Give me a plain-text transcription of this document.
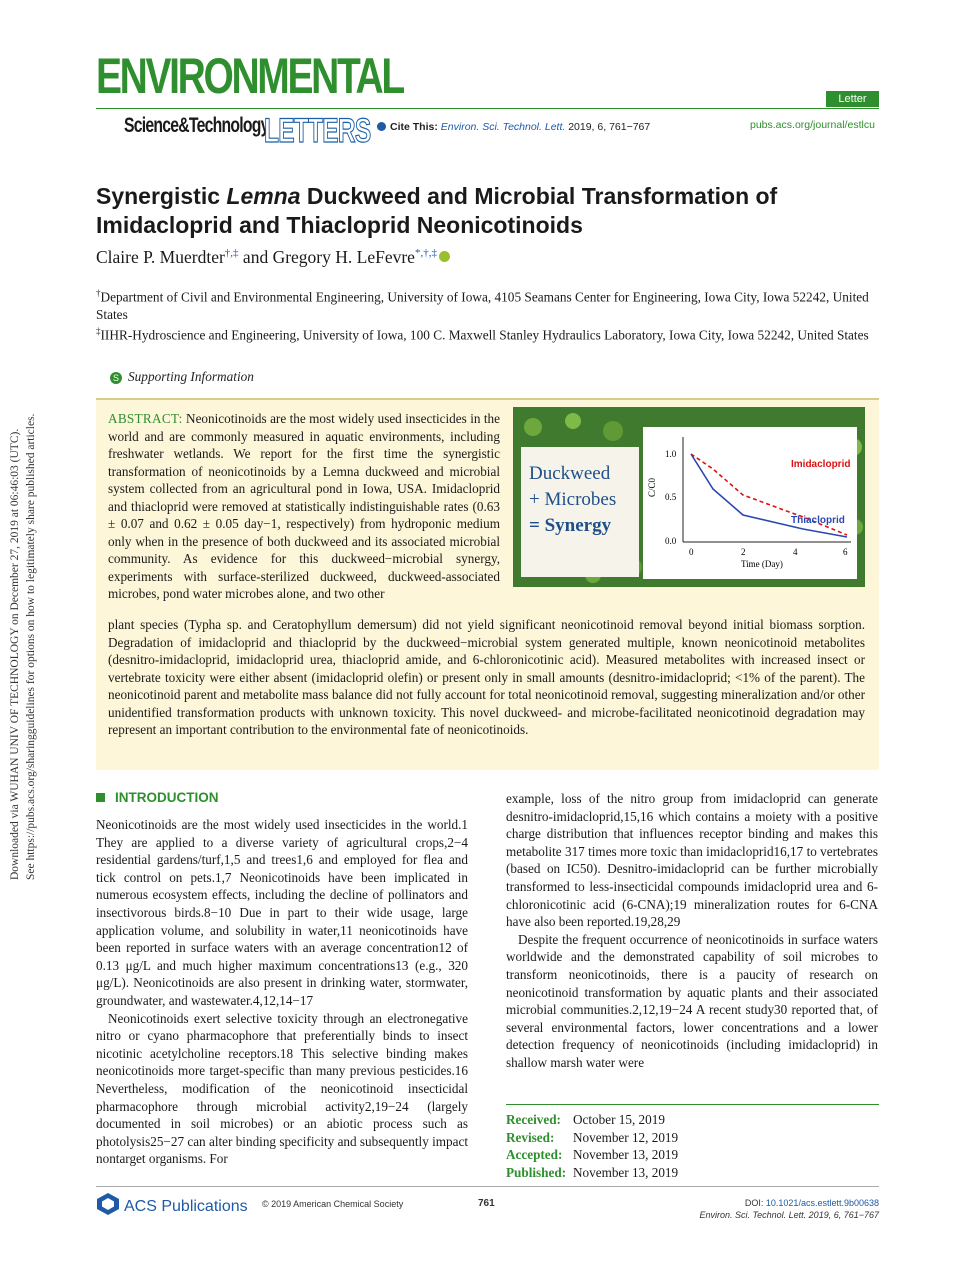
ENVIRONMENTAL
Science&Technology
LETTERS
Letter
Cite This: Environ. Sci. Technol. Lett. 2019, 6, 761−767	pubs.acs.org/journal/estlcu
Synergistic Lemna Duckweed and Microbial Transformation of Imidacloprid and Thiacloprid Neonicotinoids
Claire P. Muerdter†,‡ and Gregory H. LeFevre*,†,‡
†Department of Civil and Environmental Engineering, University of Iowa, 4105 Seamans Center for Engineering, Iowa City, Iowa 52242, United States
‡IIHR-Hydroscience and Engineering, University of Iowa, 100 C. Maxwell Stanley Hydraulics Laboratory, Iowa City, Iowa 52242, United States
S Supporting Information
ABSTRACT: Neonicotinoids are the most widely used insecticides in the world and are commonly measured in aquatic environments, including freshwater wetlands. We report for the first time the synergistic transformation of neonicotinoids by a Lemna duckweed and microbial system collected from an agricultural pond in Iowa, USA. Imidacloprid and thiacloprid were removed at statistically indistinguishable rates (0.63 ± 0.07 and 0.62 ± 0.05 day−1, respectively) from hydroponic medium only when in the presence of both duckweed and its associated microbial community. As evidence for this duckweed−microbial synergy, experiments with surface-sterilized duckweed, duckweed-associated microbes, pond water microbes alone, and two other
plant species (Typha sp. and Ceratophyllum demersum) did not yield significant neonicotinoid removal beyond initial biomass sorption. Degradation of imidacloprid and thiacloprid by the duckweed−microbial system generated multiple, known neonicotinoid metabolites (desnitro-imidacloprid, imidacloprid urea, thiacloprid amide, and 6-chloronicotinic acid). Measured metabolites with increased insect or vertebrate toxicity were either absent (imidacloprid olefin) or present only in small amounts (desnitro-imidacloprid; <1% of the parent). The neonicotinoid parent and metabolite mass balance did not fully account for total neonicotinoid removal, suggesting mineralization and/or other unidentified transformation products with unknown toxicity. This novel duckweed- and microbe-facilitated neonicotinoid degradation may represent an important contribution to the environmental fate of neonicotinoids.
Duckweed
+ Microbes
= Synergy
1.0
0.5
0.0
C/C0
0	2	4	6
Time (Day)
Imidacloprid
Thiacloprid
Downloaded via WUHAN UNIV OF TECHNOLOGY on December 27, 2019 at 06:46:03 (UTC). See https://pubs.acs.org/sharingguidelines for options on how to legitimately share published articles.	INTRODUCTION

Neonicotinoids are the most widely used insecticides in the world.1 They are applied to a diverse variety of agricultural crops,2−4 residential gardens/turf,1,5 and trees1,6 and employed for flea and tick control on pets.1,7 Neonicotinoids have been implicated in numerous ecosystem effects, including the decline of pollinators and insectivorous birds.8−10 Due in part to their wide usage, large application volume, and solubility in water,11 neonicotinoids have been reported in surface waters with an average concentration12 of 0.13 μg/L and much higher maximum concentrations13 (e.g., 320 μg/L). Neonicotinoids are also present in drinking water, stormwater, groundwater, and wastewater.4,12,14−17

Neonicotinoids exert selective toxicity through an electronegative nitro or cyano pharmacophore that preferentially binds to insect nicotinic acetylcholine receptors.18 This selective binding makes neonicotinoids more target-specific than many previous pesticides.16 Nevertheless, modification of the neonicotinoid insecticidal pharmacophore through microbial activity2,19−24 (largely documented in soil microbes) or an abiotic process such as photolysis25−27 can alter binding specificity and subsequently impact nontarget organisms. For

example, loss of the nitro group from imidacloprid can generate desnitro-imidacloprid,15,16 which contains a moiety with a positive charge distribution that influences receptor binding and makes this metabolite 317 times more toxic than imidacloprid16,17 to vertebrates (based on IC50). Desnitro-imidacloprid can be further microbially transformed to less-insecticidal compounds imidacloprid urea and 6-chloronicotinic acid (6-CNA);19 mineralization routes for 6-CNA have also been reported.19,28,29

Despite the frequent occurrence of neonicotinoids in surface waters worldwide and the demonstrated capability of soil microbes to transform neonicotinoids, there is a paucity of research on neonicotinoid transformation by aquatic plants and their associated microbial communities.2,12,19−24 A recent study30 reported that, of several environmental factors, lower concentrations and a lower detection frequency of neonicotinoids (including imidacloprid) in shallow marsh water were

Received: October 15, 2019
Revised: November 12, 2019
Accepted: November 13, 2019
Published: November 13, 2019
ACS Publications © 2019 American Chemical Society	761	DOI: 10.1021/acs.estlett.9b00638
Environ. Sci. Technol. Lett. 2019, 6, 761−767
